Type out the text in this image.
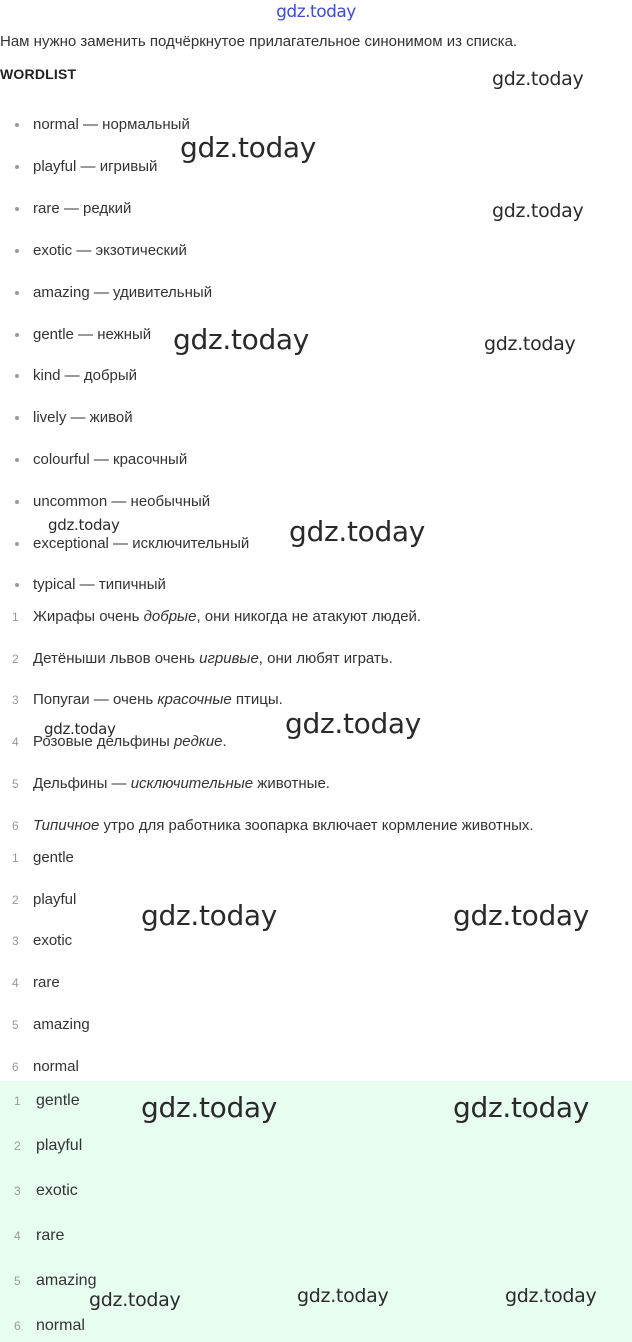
gdz.today
Нам нужно заменить подчёркнутое прилагательное синонимом из списка.
WORDLIST
normal — нормальный
playful — игривый
rare — редкий
exotic — экзотический
amazing — удивительный
gentle — нежный
kind — добрый
lively — живой
colourful — красочный
uncommon — необычный
exceptional — исключительный
typical — типичный
1 Жирафы очень добрые, они никогда не атакуют людей.
2 Детёныши львов очень игривые, они любят играть.
3 Попугаи — очень красочные птицы.
4 Розовые дельфины редкие.
5 Дельфины — исключительные животные.
6 Типичное утро для работника зоопарка включает кормление животных.
1 gentle
2 playful
3 exotic
4 rare
5 amazing
6 normal
1 gentle
2 playful
3 exotic
4 rare
5 amazing
6 normal
gdz.today
gdz.today
gdz.today
gdz.today	gdz.today
gdz.today	gdz.today
gdz.today	gdz.today
gdz.today	gdz.today
gdz.today	gdz.today
gdz.today	gdz.today	gdz.today
